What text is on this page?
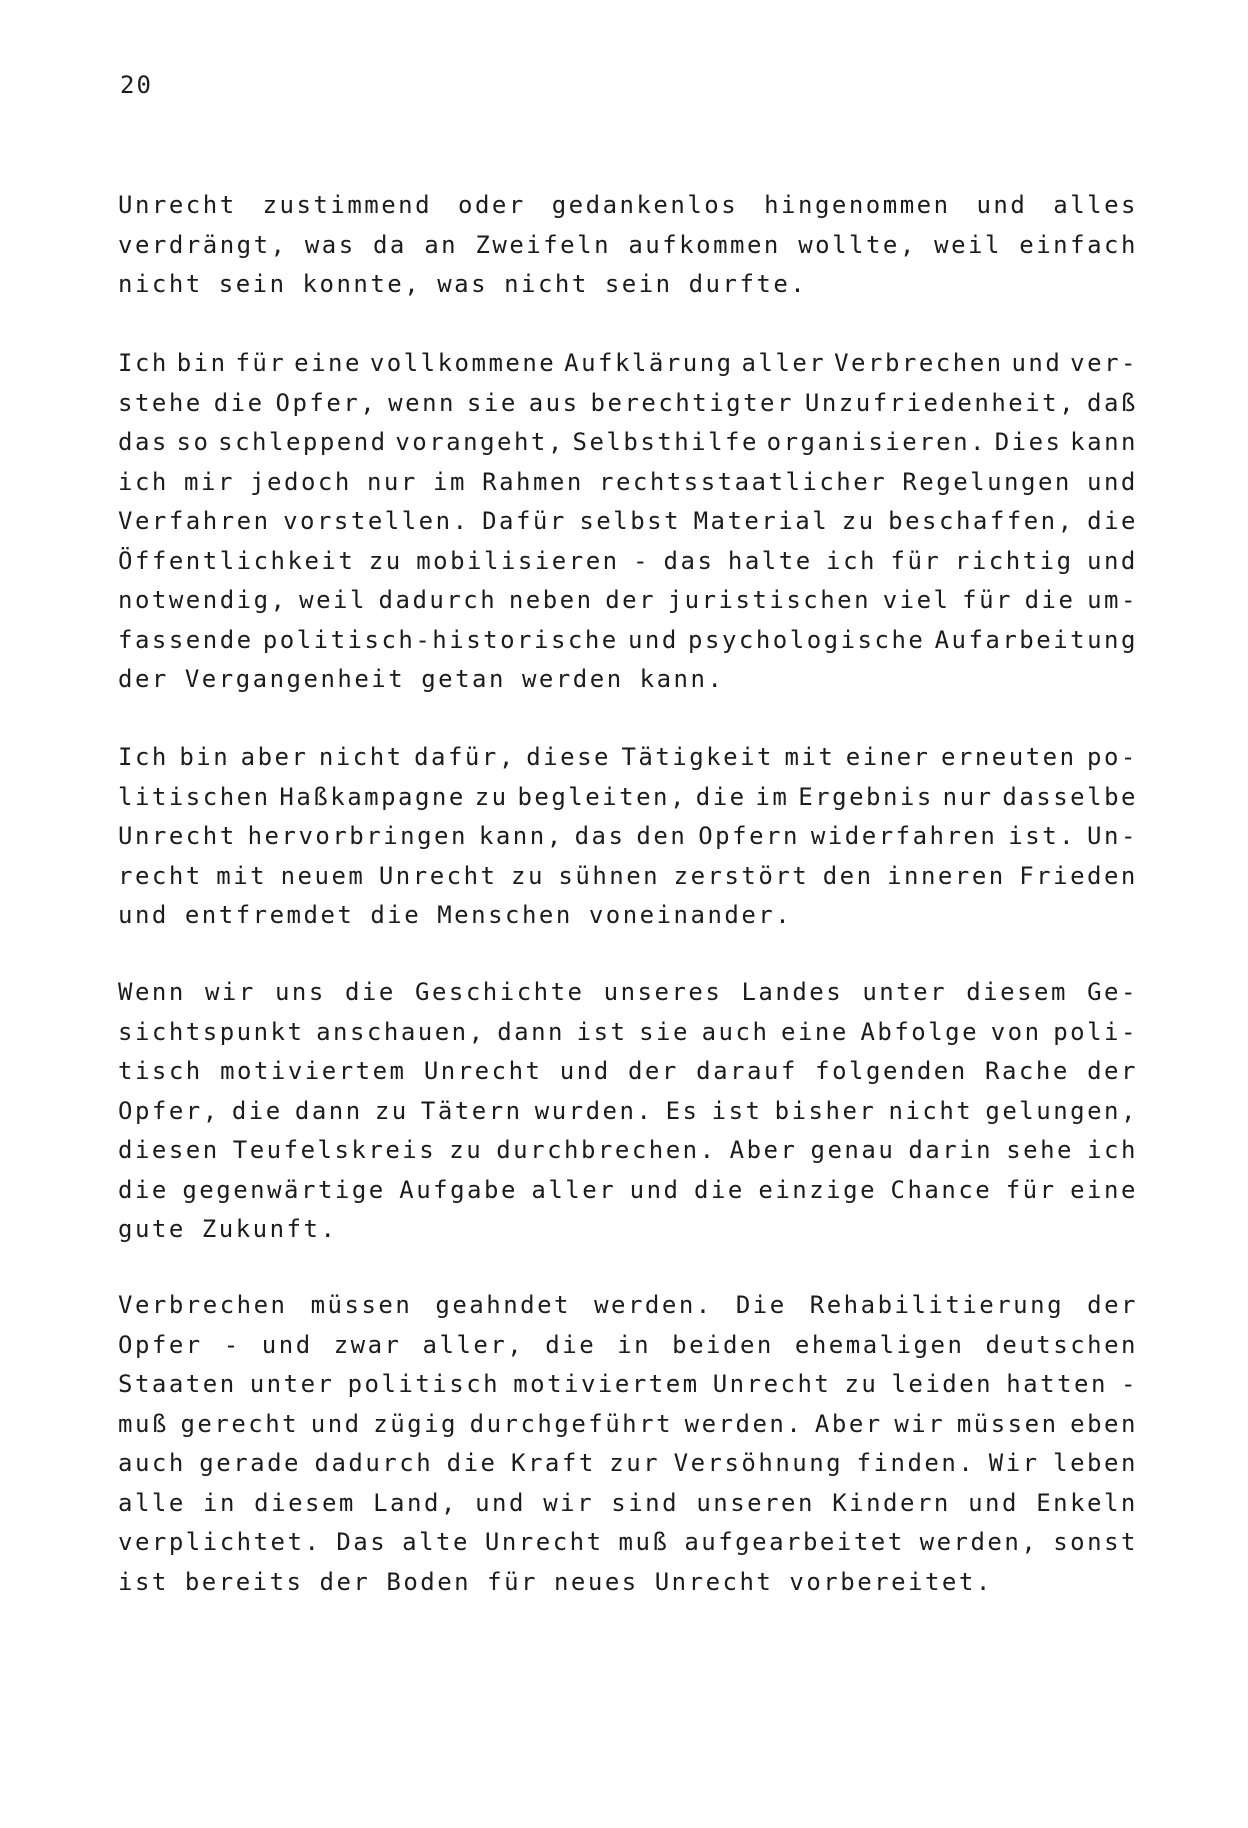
20
Unrecht zustimmend oder gedankenlos hingenommen und alles
verdrängt, was da an Zweifeln aufkommen wollte, weil einfach
nicht sein konnte, was nicht sein durfte.
Ich bin für eine vollkommene Aufklärung aller Verbrechen und ver-
stehe die Opfer, wenn sie aus berechtigter Unzufriedenheit, daß
das so schleppend vorangeht, Selbsthilfe organisieren. Dies kann
ich mir jedoch nur im Rahmen rechtsstaatlicher Regelungen und
Verfahren vorstellen. Dafür selbst Material zu beschaffen, die
Öffentlichkeit zu mobilisieren - das halte ich für richtig und
notwendig, weil dadurch neben der juristischen viel für die um-
fassende politisch-historische und psychologische Aufarbeitung
der Vergangenheit getan werden kann.
Ich bin aber nicht dafür, diese Tätigkeit mit einer erneuten po-
litischen Haßkampagne zu begleiten, die im Ergebnis nur dasselbe
Unrecht hervorbringen kann, das den Opfern widerfahren ist. Un-
recht mit neuem Unrecht zu sühnen zerstört den inneren Frieden
und entfremdet die Menschen voneinander.
Wenn wir uns die Geschichte unseres Landes unter diesem Ge-
sichtspunkt anschauen, dann ist sie auch eine Abfolge von poli-
tisch motiviertem Unrecht und der darauf folgenden Rache der
Opfer, die dann zu Tätern wurden. Es ist bisher nicht gelungen,
diesen Teufelskreis zu durchbrechen. Aber genau darin sehe ich
die gegenwärtige Aufgabe aller und die einzige Chance für eine
gute Zukunft.
Verbrechen müssen geahndet werden. Die Rehabilitierung der
Opfer - und zwar aller, die in beiden ehemaligen deutschen
Staaten unter politisch motiviertem Unrecht zu leiden hatten -
muß gerecht und zügig durchgeführt werden. Aber wir müssen eben
auch gerade dadurch die Kraft zur Versöhnung finden. Wir leben
alle in diesem Land, und wir sind unseren Kindern und Enkeln
verplichtet. Das alte Unrecht muß aufgearbeitet werden, sonst
ist bereits der Boden für neues Unrecht vorbereitet.
